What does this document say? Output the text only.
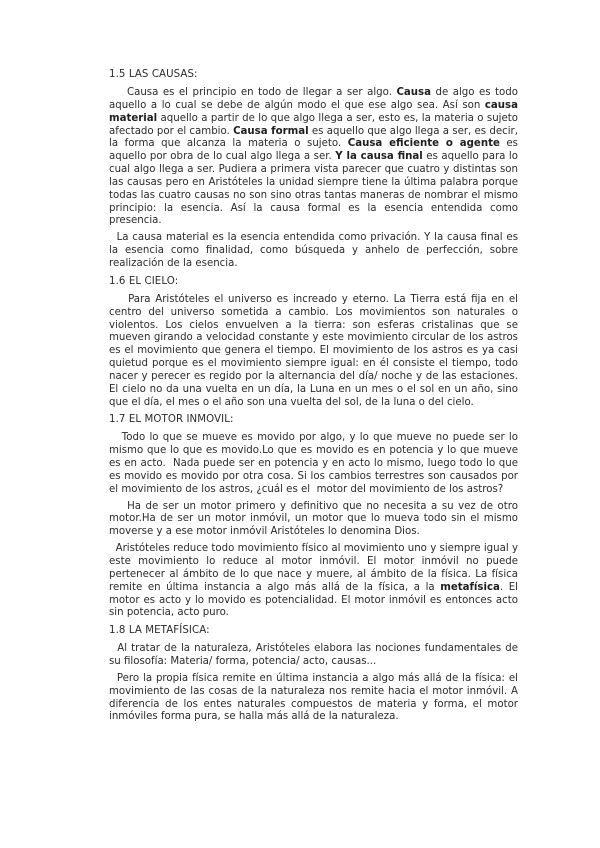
1.5 LAS CAUSAS:

Causa es el principio en todo de llegar a ser algo. Causa de algo es todo aquello a lo cual se debe de algún modo el que ese algo sea. Así son causa material aquello a partir de lo que algo llega a ser, esto es, la materia o sujeto afectado por el cambio. Causa formal es aquello que algo llega a ser, es decir, la forma que alcanza la materia o sujeto. Causa eficiente o agente es aquello por obra de lo cual algo llega a ser. Y la causa final es aquello para lo cual algo llega a ser. Pudiera a primera vista parecer que cuatro y distintas son las causas pero en Aristóteles la unidad siempre tiene la última palabra porque todas las cuatro causas no son sino otras tantas maneras de nombrar el mismo principio: la esencia. Así la causa formal es la esencia entendida como presencia.

La causa material es la esencia entendida como privación. Y la causa final es la esencia como finalidad, como búsqueda y anhelo de perfección, sobre realización de la esencia.

1.6 EL CIELO:

Para Aristóteles el universo es increado y eterno. La Tierra está fija en el centro del universo sometida a cambio. Los movimientos son naturales o violentos. Los cielos envuelven a la tierra: son esferas cristalinas que se mueven girando a velocidad constante y este movimiento circular de los astros es el movimiento que genera el tiempo. El movimiento de los astros es ya casi quietud porque es el movimiento siempre igual: en él consiste el tiempo, todo nacer y perecer es regido por la alternancia del día/ noche y de las estaciones. El cielo no da una vuelta en un día, la Luna en un mes o el sol en un año, sino que el día, el mes o el año son una vuelta del sol, de la luna o del cielo.

1.7 EL MOTOR INMOVIL:

Todo lo que se mueve es movido por algo, y lo que mueve no puede ser lo mismo que lo que es movido.Lo que es movido es en potencia y lo que mueve es en acto.  Nada puede ser en potencia y en acto lo mismo, luego todo lo que es movido es movido por otra cosa. Si los cambios terrestres son causados por el movimiento de los astros, ¿cuál es el  motor del movimiento de los astros?

Ha de ser un motor primero y definitivo que no necesita a su vez de otro motor.Ha de ser un motor inmóvil, un motor que lo mueva todo sin el mismo moverse y a ese motor inmóvil Aristóteles lo denomina Dios.

Aristóteles reduce todo movimiento físico al movimiento uno y siempre igual y este movimiento lo reduce al motor inmóvil. El motor inmóvil no puede pertenecer al ámbito de lo que nace y muere, al ámbito de la física. La física remite en última instancia a algo más allá de la física, a la metafísica. El motor es acto y lo movido es potencialidad. El motor inmóvil es entonces acto sin potencia, acto puro.

1.8 LA METAFÍSICA:

Al tratar de la naturaleza, Aristóteles elabora las nociones fundamentales de su filosofía: Materia/ forma, potencia/ acto, causas...

Pero la propia física remite en última instancia a algo más allá de la física: el movimiento de las cosas de la naturaleza nos remite hacia el motor inmóvil. A diferencia de los entes naturales compuestos de materia y forma, el motor inmóviles forma pura, se halla más allá de la naturaleza.
